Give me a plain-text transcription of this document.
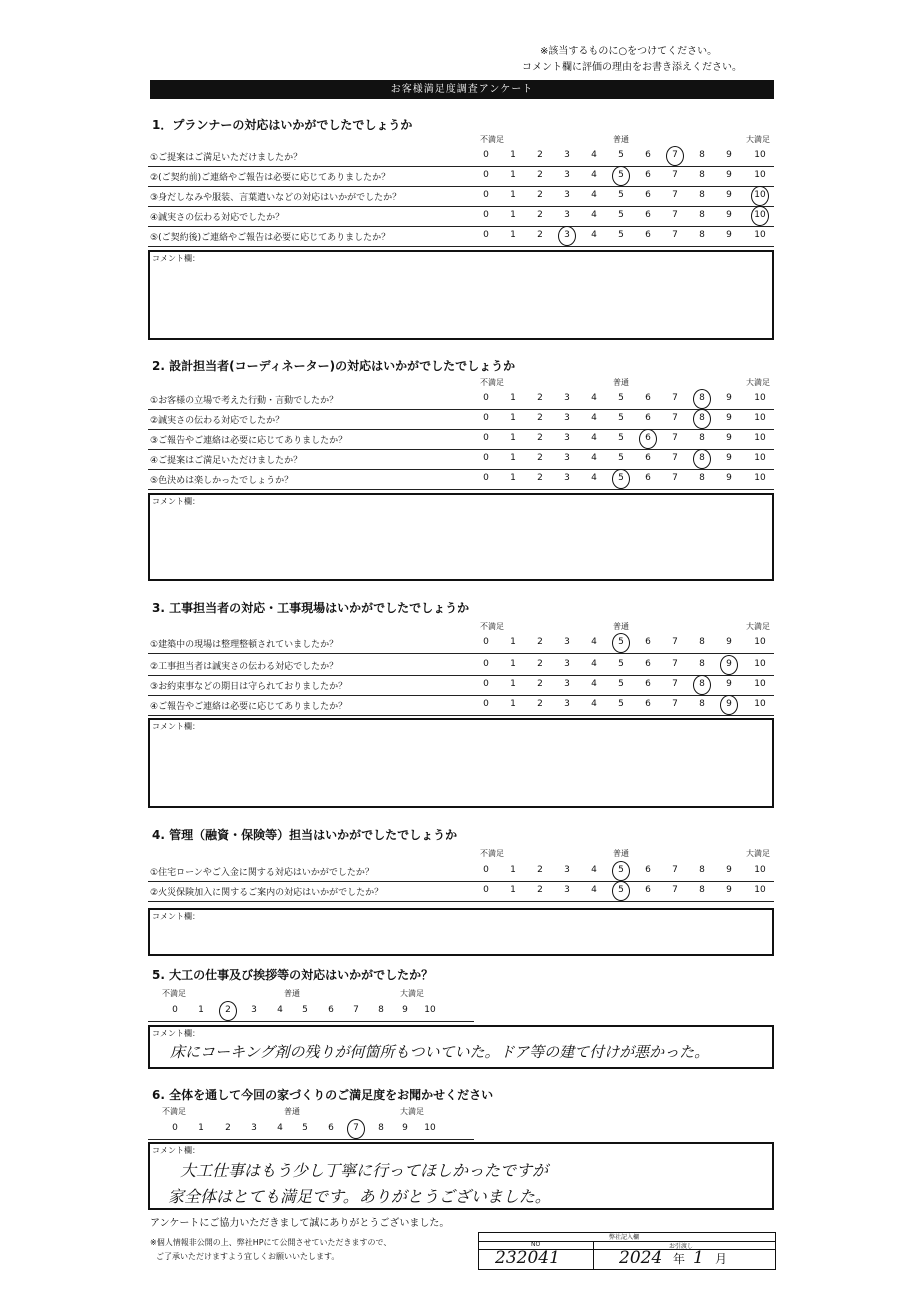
※該当するものに○をつけてください。
コメント欄に評価の理由をお書き添えください。
お客様満足度調査アンケート
1．プランナーの対応はいかがでしたでしょうか
不満足	普通	大満足
①ご提案はご満足いただけましたか？	0	1	2	3	4	5	6	7	8	9	10
②(ご契約前)ご連絡やご報告は必要に応じてありましたか？	0	1	2	3	4	5	6	7	8	9	10
③身だしなみや服装、言葉遣いなどの対応はいかがでしたか？	0	1	2	3	4	5	6	7	8	9	10
④誠実さの伝わる対応でしたか？	0	1	2	3	4	5	6	7	8	9	10
⑤(ご契約後)ご連絡やご報告は必要に応じてありましたか？	0	1	2	3	4	5	6	7	8	9	10
コメント欄：
2. 設計担当者(コーディネーター)の対応はいかがでしたでしょうか
不満足	普通	大満足
①お客様の立場で考えた行動・言動でしたか？	0	1	2	3	4	5	6	7	8	9	10
②誠実さの伝わる対応でしたか？	0	1	2	3	4	5	6	7	8	9	10
③ご報告やご連絡は必要に応じてありましたか？	0	1	2	3	4	5	6	7	8	9	10
④ご提案はご満足いただけましたか？	0	1	2	3	4	5	6	7	8	9	10
⑤色決めは楽しかったでしょうか？	0	1	2	3	4	5	6	7	8	9	10
コメント欄：
3. 工事担当者の対応・工事現場はいかがでしたでしょうか
不満足	普通	大満足
①建築中の現場は整理整頓されていましたか？	0	1	2	3	4	5	6	7	8	9	10
②工事担当者は誠実さの伝わる対応でしたか？	0	1	2	3	4	5	6	7	8	9	10
③お約束事などの期日は守られておりましたか？	0	1	2	3	4	5	6	7	8	9	10
④ご報告やご連絡は必要に応じてありましたか？	0	1	2	3	4	5	6	7	8	9	10
コメント欄：
4. 管理（融資・保険等）担当はいかがでしたでしょうか
不満足	普通	大満足
①住宅ローンやご入金に関する対応はいかがでしたか？	0	1	2	3	4	5	6	7	8	9	10
②火災保険加入に関するご案内の対応はいかがでしたか？	0	1	2	3	4	5	6	7	8	9	10
コメント欄：
5. 大工の仕事及び挨拶等の対応はいかがでしたか？
不満足	普通	大満足
0	1	2	3	4	5	6	7	8	9	10
コメント欄：
床にコーキング剤の残りが何箇所もついていた。ドア等の建て付けが悪かった。
6. 全体を通して今回の家づくりのご満足度をお聞かせください
不満足	普通	大満足
0	1	2	3	4	5	6	7	8	9	10
コメント欄：
大工仕事はもう少し丁寧に行ってほしかったですが
家全体はとても満足です。ありがとうございました。
アンケートにご協力いただきまして誠にありがとうございました。
※個人情報非公開の上、弊社HPにて公開させていただきますので、
ご了承いただけますよう宜しくお願いいたします。
弊社記入欄
NO	お引渡し
232041	2024 年 1 月
